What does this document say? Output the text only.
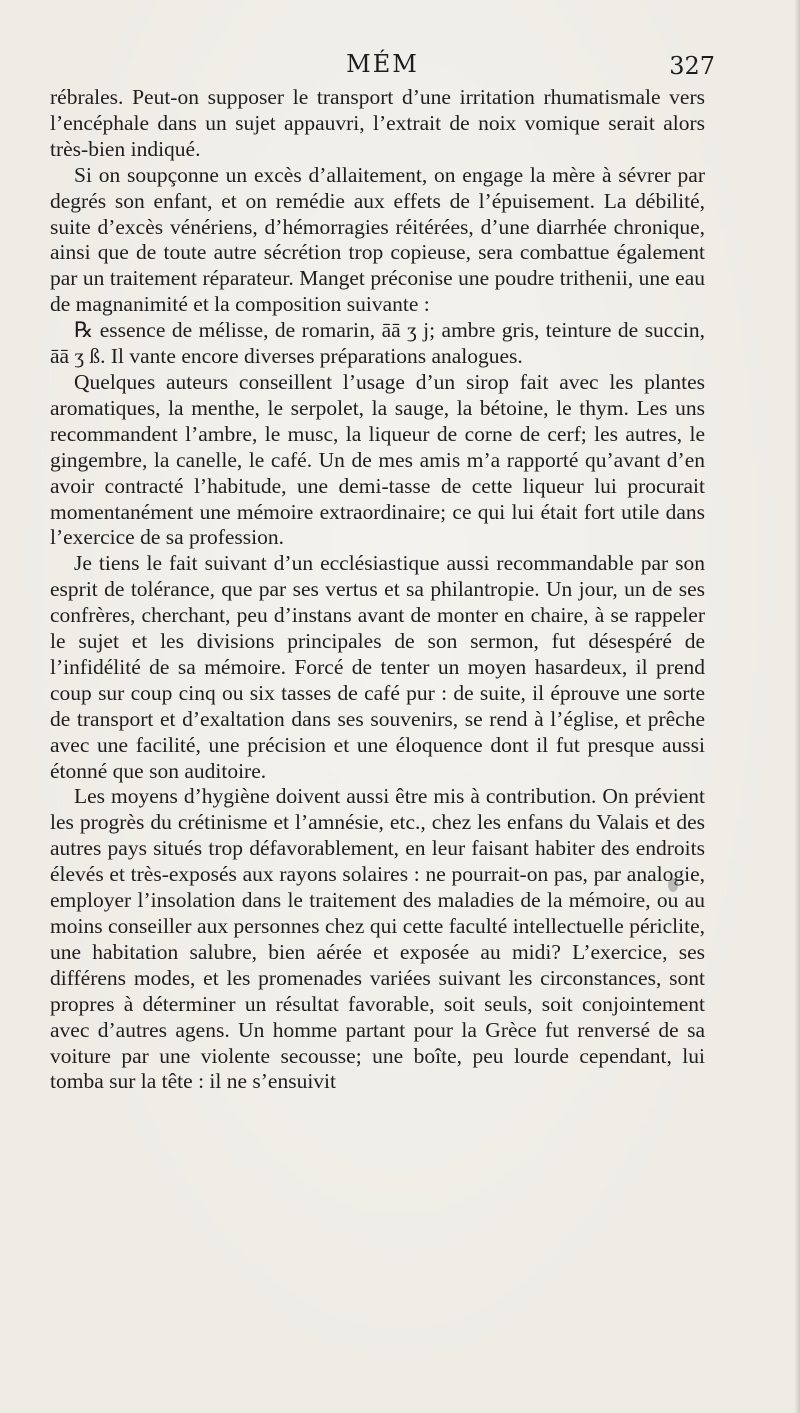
MÉM	327

rébrales. Peut-on supposer le transport d’une irritation rhumatismale vers l’encéphale dans un sujet appauvri, l’extrait de noix vomique serait alors très-bien indiqué.

Si on soupçonne un excès d’allaitement, on engage la mère à sévrer par degrés son enfant, et on remédie aux effets de l’épuisement. La débilité, suite d’excès vénériens, d’hémorragies réitérées, d’une diarrhée chronique, ainsi que de toute autre sécrétion trop copieuse, sera combattue également par un traitement réparateur. Manget préconise une poudre trithenii, une eau de magnanimité et la composition suivante :

℞ essence de mélisse, de romarin, āā ʒ j; ambre gris, teinture de succin, āā ʒ ß. Il vante encore diverses préparations analogues.

Quelques auteurs conseillent l’usage d’un sirop fait avec les plantes aromatiques, la menthe, le serpolet, la sauge, la bétoine, le thym. Les uns recommandent l’ambre, le musc, la liqueur de corne de cerf; les autres, le gingembre, la canelle, le café. Un de mes amis m’a rapporté qu’avant d’en avoir contracté l’habitude, une demi-tasse de cette liqueur lui procurait momentanément une mémoire extraordinaire; ce qui lui était fort utile dans l’exercice de sa profession.

Je tiens le fait suivant d’un ecclésiastique aussi recommandable par son esprit de tolérance, que par ses vertus et sa philantropie. Un jour, un de ses confrères, cherchant, peu d’instans avant de monter en chaire, à se rappeler le sujet et les divisions principales de son sermon, fut désespéré de l’infidélité de sa mémoire. Forcé de tenter un moyen hasardeux, il prend coup sur coup cinq ou six tasses de café pur : de suite, il éprouve une sorte de transport et d’exaltation dans ses souvenirs, se rend à l’église, et prêche avec une facilité, une précision et une éloquence dont il fut presque aussi étonné que son auditoire.

Les moyens d’hygiène doivent aussi être mis à contribution. On prévient les progrès du crétinisme et l’amnésie, etc., chez les enfans du Valais et des autres pays situés trop défavorablement, en leur faisant habiter des endroits élevés et très-exposés aux rayons solaires : ne pourrait-on pas, par analogie, employer l’insolation dans le traitement des maladies de la mémoire, ou au moins conseiller aux personnes chez qui cette faculté intellectuelle périclite, une habitation salubre, bien aérée et exposée au midi? L’exercice, ses différens modes, et les promenades variées suivant les circonstances, sont propres à déterminer un résultat favorable, soit seuls, soit conjointement avec d’autres agens. Un homme partant pour la Grèce fut renversé de sa voiture par une violente secousse; une boîte, peu lourde cependant, lui tomba sur la tête : il ne s’ensuivit
